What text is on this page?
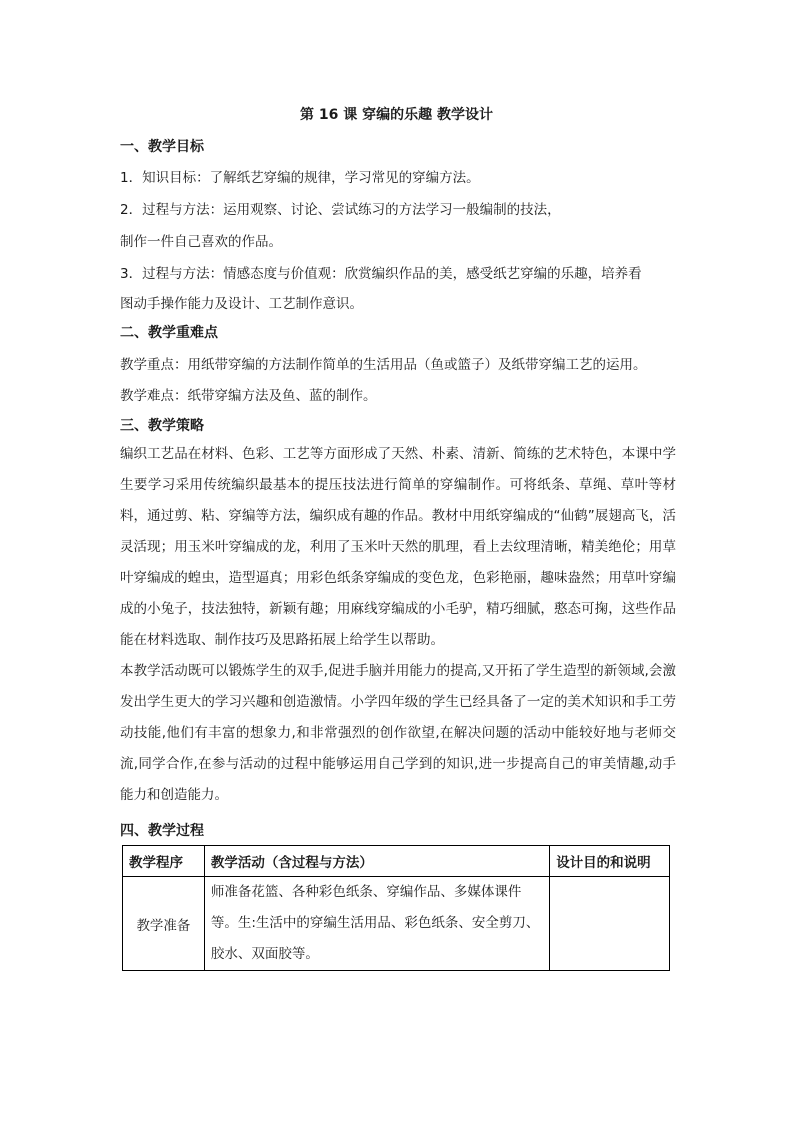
第 16 课 穿编的乐趣 教学设计
一、教学目标
1．知识目标：了解纸艺穿编的规律，学习常见的穿编方法。
2．过程与方法：运用观察、讨论、尝试练习的方法学习一般编制的技法，
制作一件自己喜欢的作品。
3．过程与方法：情感态度与价值观：欣赏编织作品的美，感受纸艺穿编的乐趣，培养看
图动手操作能力及设计、工艺制作意识。
二、教学重难点
教学重点：用纸带穿编的方法制作简单的生活用品（鱼或篮子）及纸带穿编工艺的运用。
教学难点：纸带穿编方法及鱼、蓝的制作。
三、教学策略
编织工艺品在材料、色彩、工艺等方面形成了天然、朴素、清新、简练的艺术特色，本课中学生要学习采用传统编织最基本的提压技法进行简单的穿编制作。可将纸条、草绳、草叶等材料，通过剪、粘、穿编等方法，编织成有趣的作品。教材中用纸穿编成的“仙鹤”展翅高飞，活灵活现；用玉米叶穿编成的龙，利用了玉米叶天然的肌理，看上去纹理清晰，精美绝伦；用草叶穿编成的蝗虫，造型逼真；用彩色纸条穿编成的变色龙，色彩艳丽，趣味盎然；用草叶穿编成的小兔子，技法独特，新颖有趣；用麻线穿编成的小毛驴，精巧细腻，憨态可掬，这些作品能在材料选取、制作技巧及思路拓展上给学生以帮助。
本教学活动既可以锻炼学生的双手,促进手脑并用能力的提高,又开拓了学生造型的新领域,会激发出学生更大的学习兴趣和创造激情。小学四年级的学生已经具备了一定的美术知识和手工劳动技能,他们有丰富的想象力,和非常强烈的创作欲望,在解决问题的活动中能较好地与老师交流,同学合作,在参与活动的过程中能够运用自己学到的知识,进一步提高自己的审美情趣,动手能力和创造能力。
四、教学过程
教学程序	教学活动（含过程与方法）	设计目的和说明
教学准备	师准备花篮、各种彩色纸条、穿编作品、多媒体课件等。生:生活中的穿编生活用品、彩色纸条、安全剪刀、胶水、双面胶等。	
